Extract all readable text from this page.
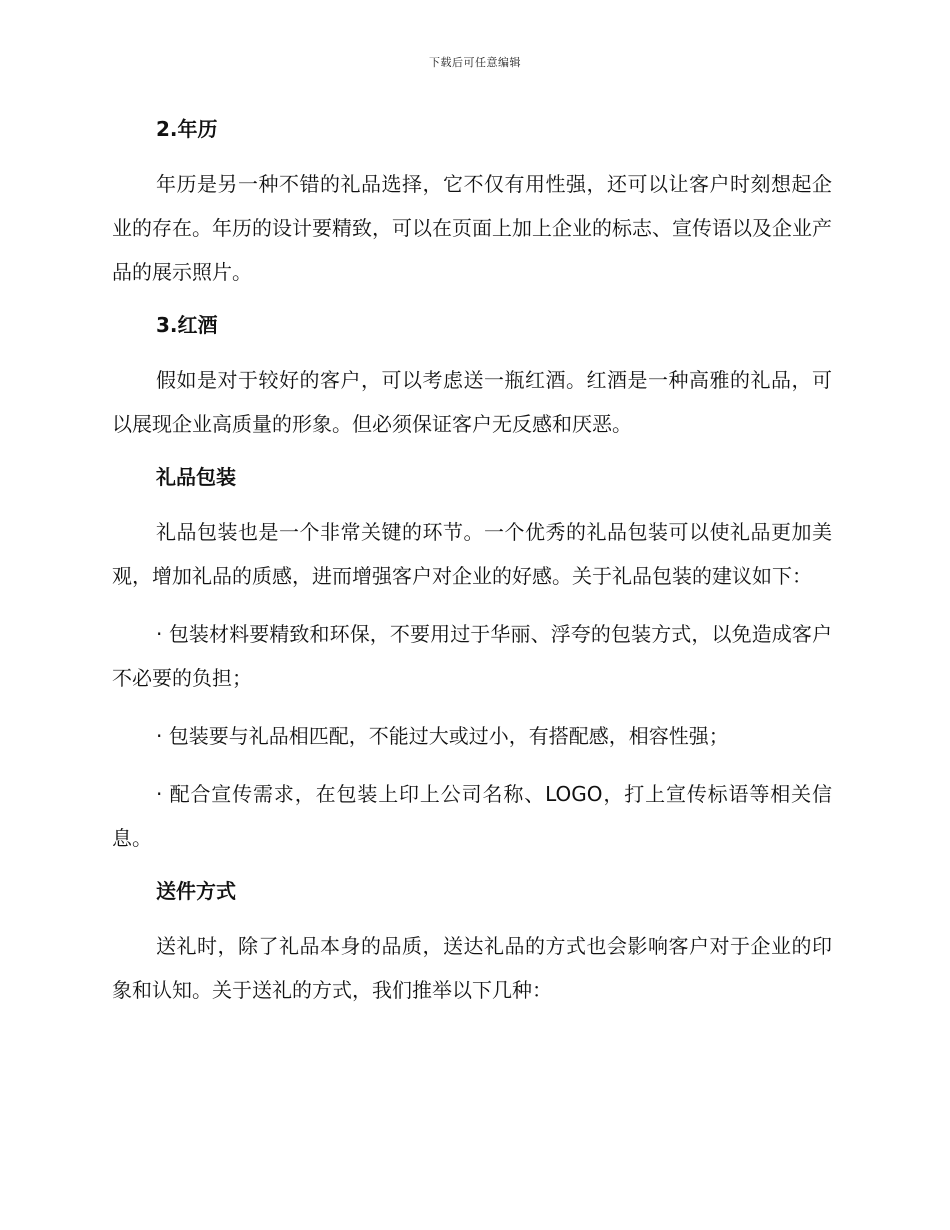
下载后可任意编辑
2.年历

年历是另一种不错的礼品选择，它不仅有用性强，还可以让客户时刻想起企业的存在。年历的设计要精致，可以在页面上加上企业的标志、宣传语以及企业产品的展示照片。

3.红酒

假如是对于较好的客户，可以考虑送一瓶红酒。红酒是一种高雅的礼品，可以展现企业高质量的形象。但必须保证客户无反感和厌恶。

礼品包装

礼品包装也是一个非常关键的环节。一个优秀的礼品包装可以使礼品更加美观，增加礼品的质感，进而增强客户对企业的好感。关于礼品包装的建议如下：

· 包装材料要精致和环保，不要用过于华丽、浮夸的包装方式，以免造成客户不必要的负担；

· 包装要与礼品相匹配，不能过大或过小，有搭配感，相容性强；

· 配合宣传需求，在包装上印上公司名称、LOGO，打上宣传标语等相关信息。

送件方式

送礼时，除了礼品本身的品质，送达礼品的方式也会影响客户对于企业的印象和认知。关于送礼的方式，我们推举以下几种：
